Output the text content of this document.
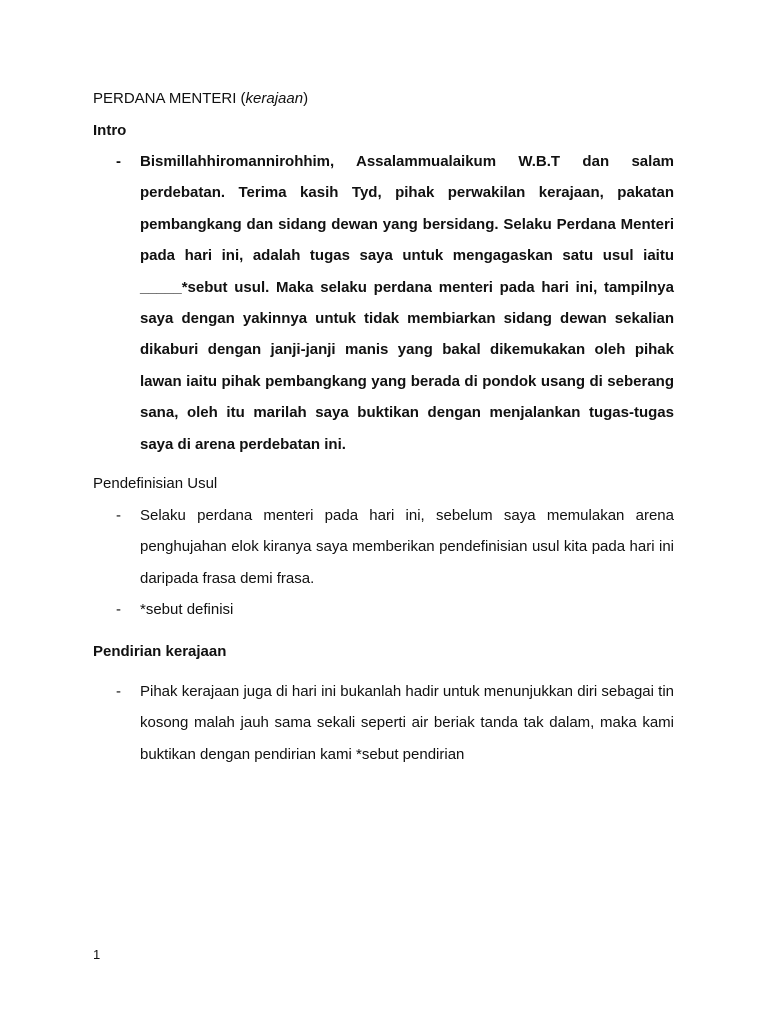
PERDANA MENTERI (kerajaan)
Intro
-	Bismillahhiromannirohhim, Assalammualaikum W.B.T dan salam perdebatan. Terima kasih Tyd, pihak perwakilan kerajaan, pakatan pembangkang dan sidang dewan yang bersidang. Selaku Perdana Menteri pada hari ini, adalah tugas saya untuk mengagaskan satu usul iaitu _____*sebut usul. Maka selaku perdana menteri pada hari ini, tampilnya saya dengan yakinnya untuk tidak membiarkan sidang dewan sekalian dikaburi dengan janji-janji manis yang bakal dikemukakan oleh pihak lawan iaitu pihak pembangkang yang berada di pondok usang di seberang sana, oleh itu marilah saya buktikan dengan menjalankan tugas-tugas saya di arena perdebatan ini.
Pendefinisian Usul
-	Selaku perdana menteri pada hari ini, sebelum saya memulakan arena penghujahan elok kiranya saya memberikan pendefinisian usul kita pada hari ini daripada frasa demi frasa.
-	*sebut definisi
Pendirian kerajaan
-	Pihak kerajaan juga di hari ini bukanlah hadir untuk menunjukkan diri sebagai tin kosong malah jauh sama sekali seperti air beriak tanda tak dalam, maka kami buktikan dengan pendirian kami *sebut pendirian
1
